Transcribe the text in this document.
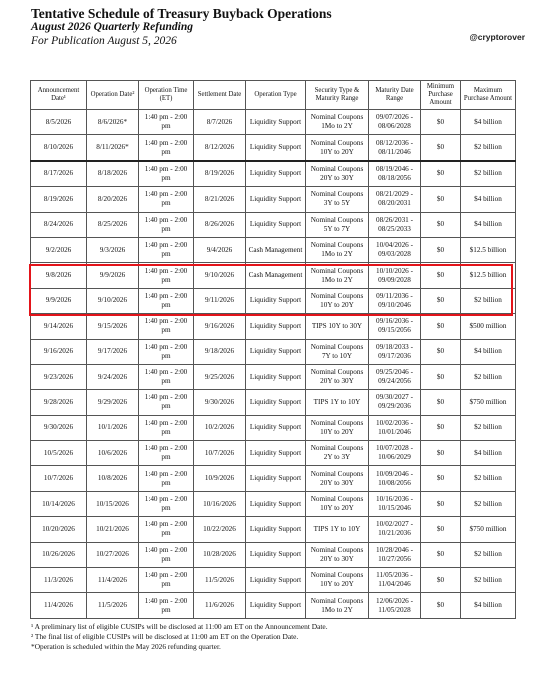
Tentative Schedule of Treasury Buyback Operations
August 2026 Quarterly Refunding
For Publication August 5, 2026	@cryptorover
Announcement Date¹	Operation Date²	Operation Time (ET)	Settlement Date	Operation Type	Security Type & Maturity Range	Maturity Date Range	Minimum Purchase Amount	Maximum Purchase Amount
8/5/2026	8/6/2026*	1:40 pm - 2:00 pm	8/7/2026	Liquidity Support	Nominal Coupons 1Mo to 2Y	09/07/2026 - 08/06/2028	$0	$4 billion
8/10/2026	8/11/2026*	1:40 pm - 2:00 pm	8/12/2026	Liquidity Support	Nominal Coupons 10Y to 20Y	08/12/2036 - 08/11/2046	$0	$2 billion
8/17/2026	8/18/2026	1:40 pm - 2:00 pm	8/19/2026	Liquidity Support	Nominal Coupons 20Y to 30Y	08/19/2046 - 08/18/2056	$0	$2 billion
8/19/2026	8/20/2026	1:40 pm - 2:00 pm	8/21/2026	Liquidity Support	Nominal Coupons 3Y to 5Y	08/21/2029 - 08/20/2031	$0	$4 billion
8/24/2026	8/25/2026	1:40 pm - 2:00 pm	8/26/2026	Liquidity Support	Nominal Coupons 5Y to 7Y	08/26/2031 - 08/25/2033	$0	$4 billion
9/2/2026	9/3/2026	1:40 pm - 2:00 pm	9/4/2026	Cash Management	Nominal Coupons 1Mo to 2Y	10/04/2026 - 09/03/2028	$0	$12.5 billion
9/8/2026	9/9/2026	1:40 pm - 2:00 pm	9/10/2026	Cash Management	Nominal Coupons 1Mo to 2Y	10/10/2026 - 09/09/2028	$0	$12.5 billion
9/9/2026	9/10/2026	1:40 pm - 2:00 pm	9/11/2026	Liquidity Support	Nominal Coupons 10Y to 20Y	09/11/2036 - 09/10/2046	$0	$2 billion
9/14/2026	9/15/2026	1:40 pm - 2:00 pm	9/16/2026	Liquidity Support	TIPS 10Y to 30Y	09/16/2036 - 09/15/2056	$0	$500 million
9/16/2026	9/17/2026	1:40 pm - 2:00 pm	9/18/2026	Liquidity Support	Nominal Coupons 7Y to 10Y	09/18/2033 - 09/17/2036	$0	$4 billion
9/23/2026	9/24/2026	1:40 pm - 2:00 pm	9/25/2026	Liquidity Support	Nominal Coupons 20Y to 30Y	09/25/2046 - 09/24/2056	$0	$2 billion
9/28/2026	9/29/2026	1:40 pm - 2:00 pm	9/30/2026	Liquidity Support	TIPS 1Y to 10Y	09/30/2027 - 09/29/2036	$0	$750 million
9/30/2026	10/1/2026	1:40 pm - 2:00 pm	10/2/2026	Liquidity Support	Nominal Coupons 10Y to 20Y	10/02/2036 - 10/01/2046	$0	$2 billion
10/5/2026	10/6/2026	1:40 pm - 2:00 pm	10/7/2026	Liquidity Support	Nominal Coupons 2Y to 3Y	10/07/2028 - 10/06/2029	$0	$4 billion
10/7/2026	10/8/2026	1:40 pm - 2:00 pm	10/9/2026	Liquidity Support	Nominal Coupons 20Y to 30Y	10/09/2046 - 10/08/2056	$0	$2 billion
10/14/2026	10/15/2026	1:40 pm - 2:00 pm	10/16/2026	Liquidity Support	Nominal Coupons 10Y to 20Y	10/16/2036 - 10/15/2046	$0	$2 billion
10/20/2026	10/21/2026	1:40 pm - 2:00 pm	10/22/2026	Liquidity Support	TIPS 1Y to 10Y	10/02/2027 - 10/21/2036	$0	$750 million
10/26/2026	10/27/2026	1:40 pm - 2:00 pm	10/28/2026	Liquidity Support	Nominal Coupons 20Y to 30Y	10/28/2046 - 10/27/2056	$0	$2 billion
11/3/2026	11/4/2026	1:40 pm - 2:00 pm	11/5/2026	Liquidity Support	Nominal Coupons 10Y to 20Y	11/05/2036 - 11/04/2046	$0	$2 billion
11/4/2026	11/5/2026	1:40 pm - 2:00 pm	11/6/2026	Liquidity Support	Nominal Coupons 1Mo to 2Y	12/06/2026 - 11/05/2028	$0	$4 billion
¹ A preliminary list of eligible CUSIPs will be disclosed at 11:00 am ET on the Announcement Date.
² The final list of eligible CUSIPs will be disclosed at 11:00 am ET on the Operation Date.
*Operation is scheduled within the May 2026 refunding quarter.
